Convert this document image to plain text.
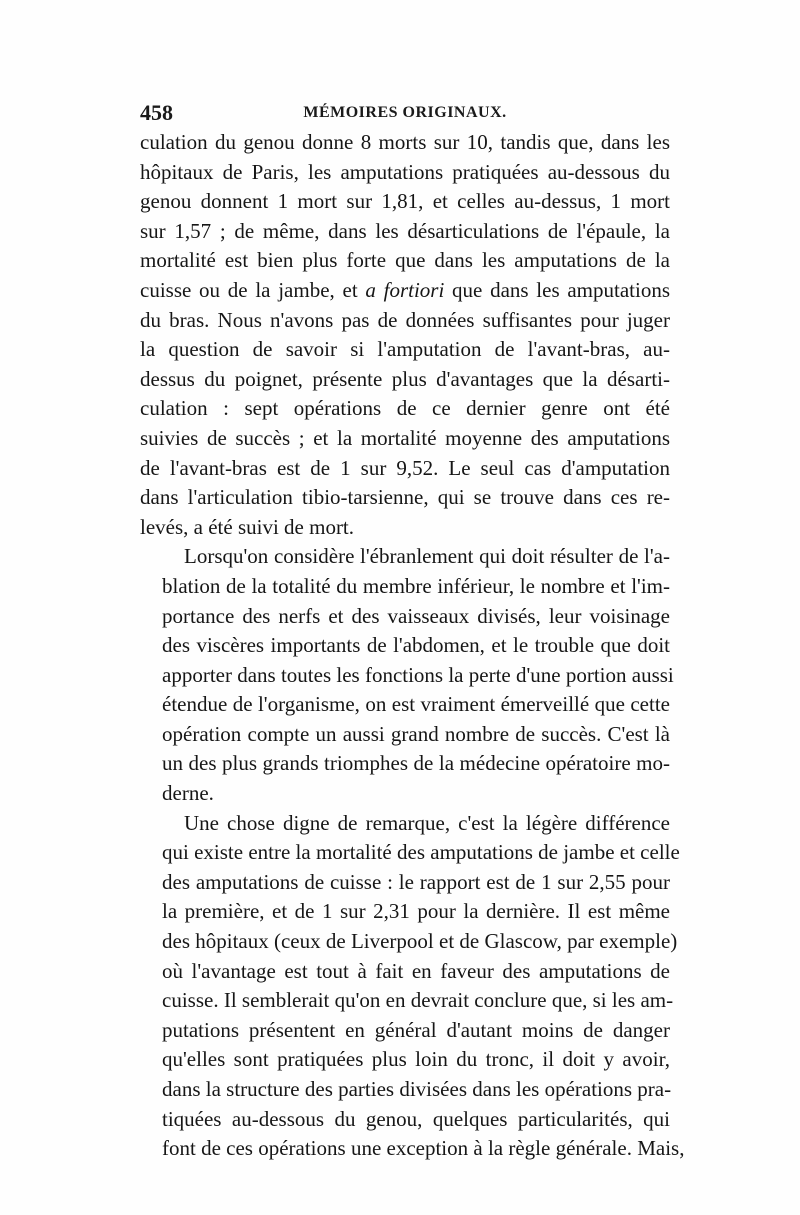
458	MÉMOIRES ORIGINAUX.

culation du genou donne 8 morts sur 10, tandis que, dans les
hôpitaux de Paris, les amputations pratiquées au-dessous du
genou donnent 1 mort sur 1,81, et celles au-dessus, 1 mort
sur 1,57 ; de même, dans les désarticulations de l'épaule, la
mortalité est bien plus forte que dans les amputations de la
cuisse ou de la jambe, et a fortiori que dans les amputations
du bras. Nous n'avons pas de données suffisantes pour juger
la question de savoir si l'amputation de l'avant-bras, au-
dessus du poignet, présente plus d'avantages que la désarti-
culation : sept opérations de ce dernier genre ont été
suivies de succès ; et la mortalité moyenne des amputations
de l'avant-bras est de 1 sur 9,52. Le seul cas d'amputation
dans l'articulation tibio-tarsienne, qui se trouve dans ces re-
levés, a été suivi de mort.

Lorsqu'on considère l'ébranlement qui doit résulter de l'a-
blation de la totalité du membre inférieur, le nombre et l'im-
portance des nerfs et des vaisseaux divisés, leur voisinage
des viscères importants de l'abdomen, et le trouble que doit
apporter dans toutes les fonctions la perte d'une portion aussi
étendue de l'organisme, on est vraiment émerveillé que cette
opération compte un aussi grand nombre de succès. C'est là
un des plus grands triomphes de la médecine opératoire mo-
derne.

Une chose digne de remarque, c'est la légère différence
qui existe entre la mortalité des amputations de jambe et celle
des amputations de cuisse : le rapport est de 1 sur 2,55 pour
la première, et de 1 sur 2,31 pour la dernière. Il est même
des hôpitaux (ceux de Liverpool et de Glascow, par exemple)
où l'avantage est tout à fait en faveur des amputations de
cuisse. Il semblerait qu'on en devrait conclure que, si les am-
putations présentent en général d'autant moins de danger
qu'elles sont pratiquées plus loin du tronc, il doit y avoir,
dans la structure des parties divisées dans les opérations pra-
tiquées au-dessous du genou, quelques particularités, qui
font de ces opérations une exception à la règle générale. Mais,
